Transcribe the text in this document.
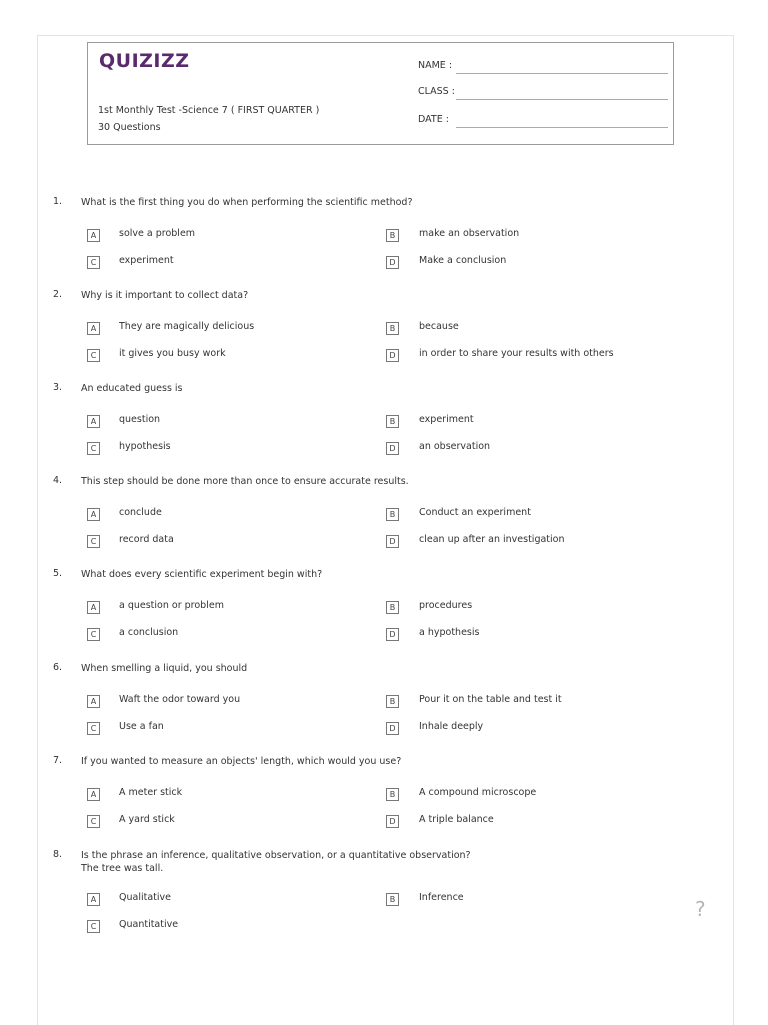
QUIZIZZ
1st Monthly Test -Science 7 ( FIRST QUARTER )
30 Questions
NAME :
CLASS :
DATE :
1. What is the first thing you do when performing the scientific method?
A	solve a problem	B	make an observation
C	experiment	D	Make a conclusion
2. Why is it important to collect data?
A	They are magically delicious	B	because
C	it gives you busy work	D	in order to share your results with others
3. An educated guess is
A	question	B	experiment
C	hypothesis	D	an observation
4. This step should be done more than once to ensure accurate results.
A	conclude	B	Conduct an experiment
C	record data	D	clean up after an investigation
5. What does every scientific experiment begin with?
A	a question or problem	B	procedures
C	a conclusion	D	a hypothesis
6. When smelling a liquid, you should
A	Waft the odor toward you	B	Pour it on the table and test it
C	Use a fan	D	Inhale deeply
7. If you wanted to measure an objects' length, which would you use?
A	A meter stick	B	A compound microscope
C	A yard stick	D	A triple balance
8. Is the phrase an inference, qualitative observation, or a quantitative observation?
The tree was tall.
A	Qualitative	B	Inference
C	Quantitative
?
